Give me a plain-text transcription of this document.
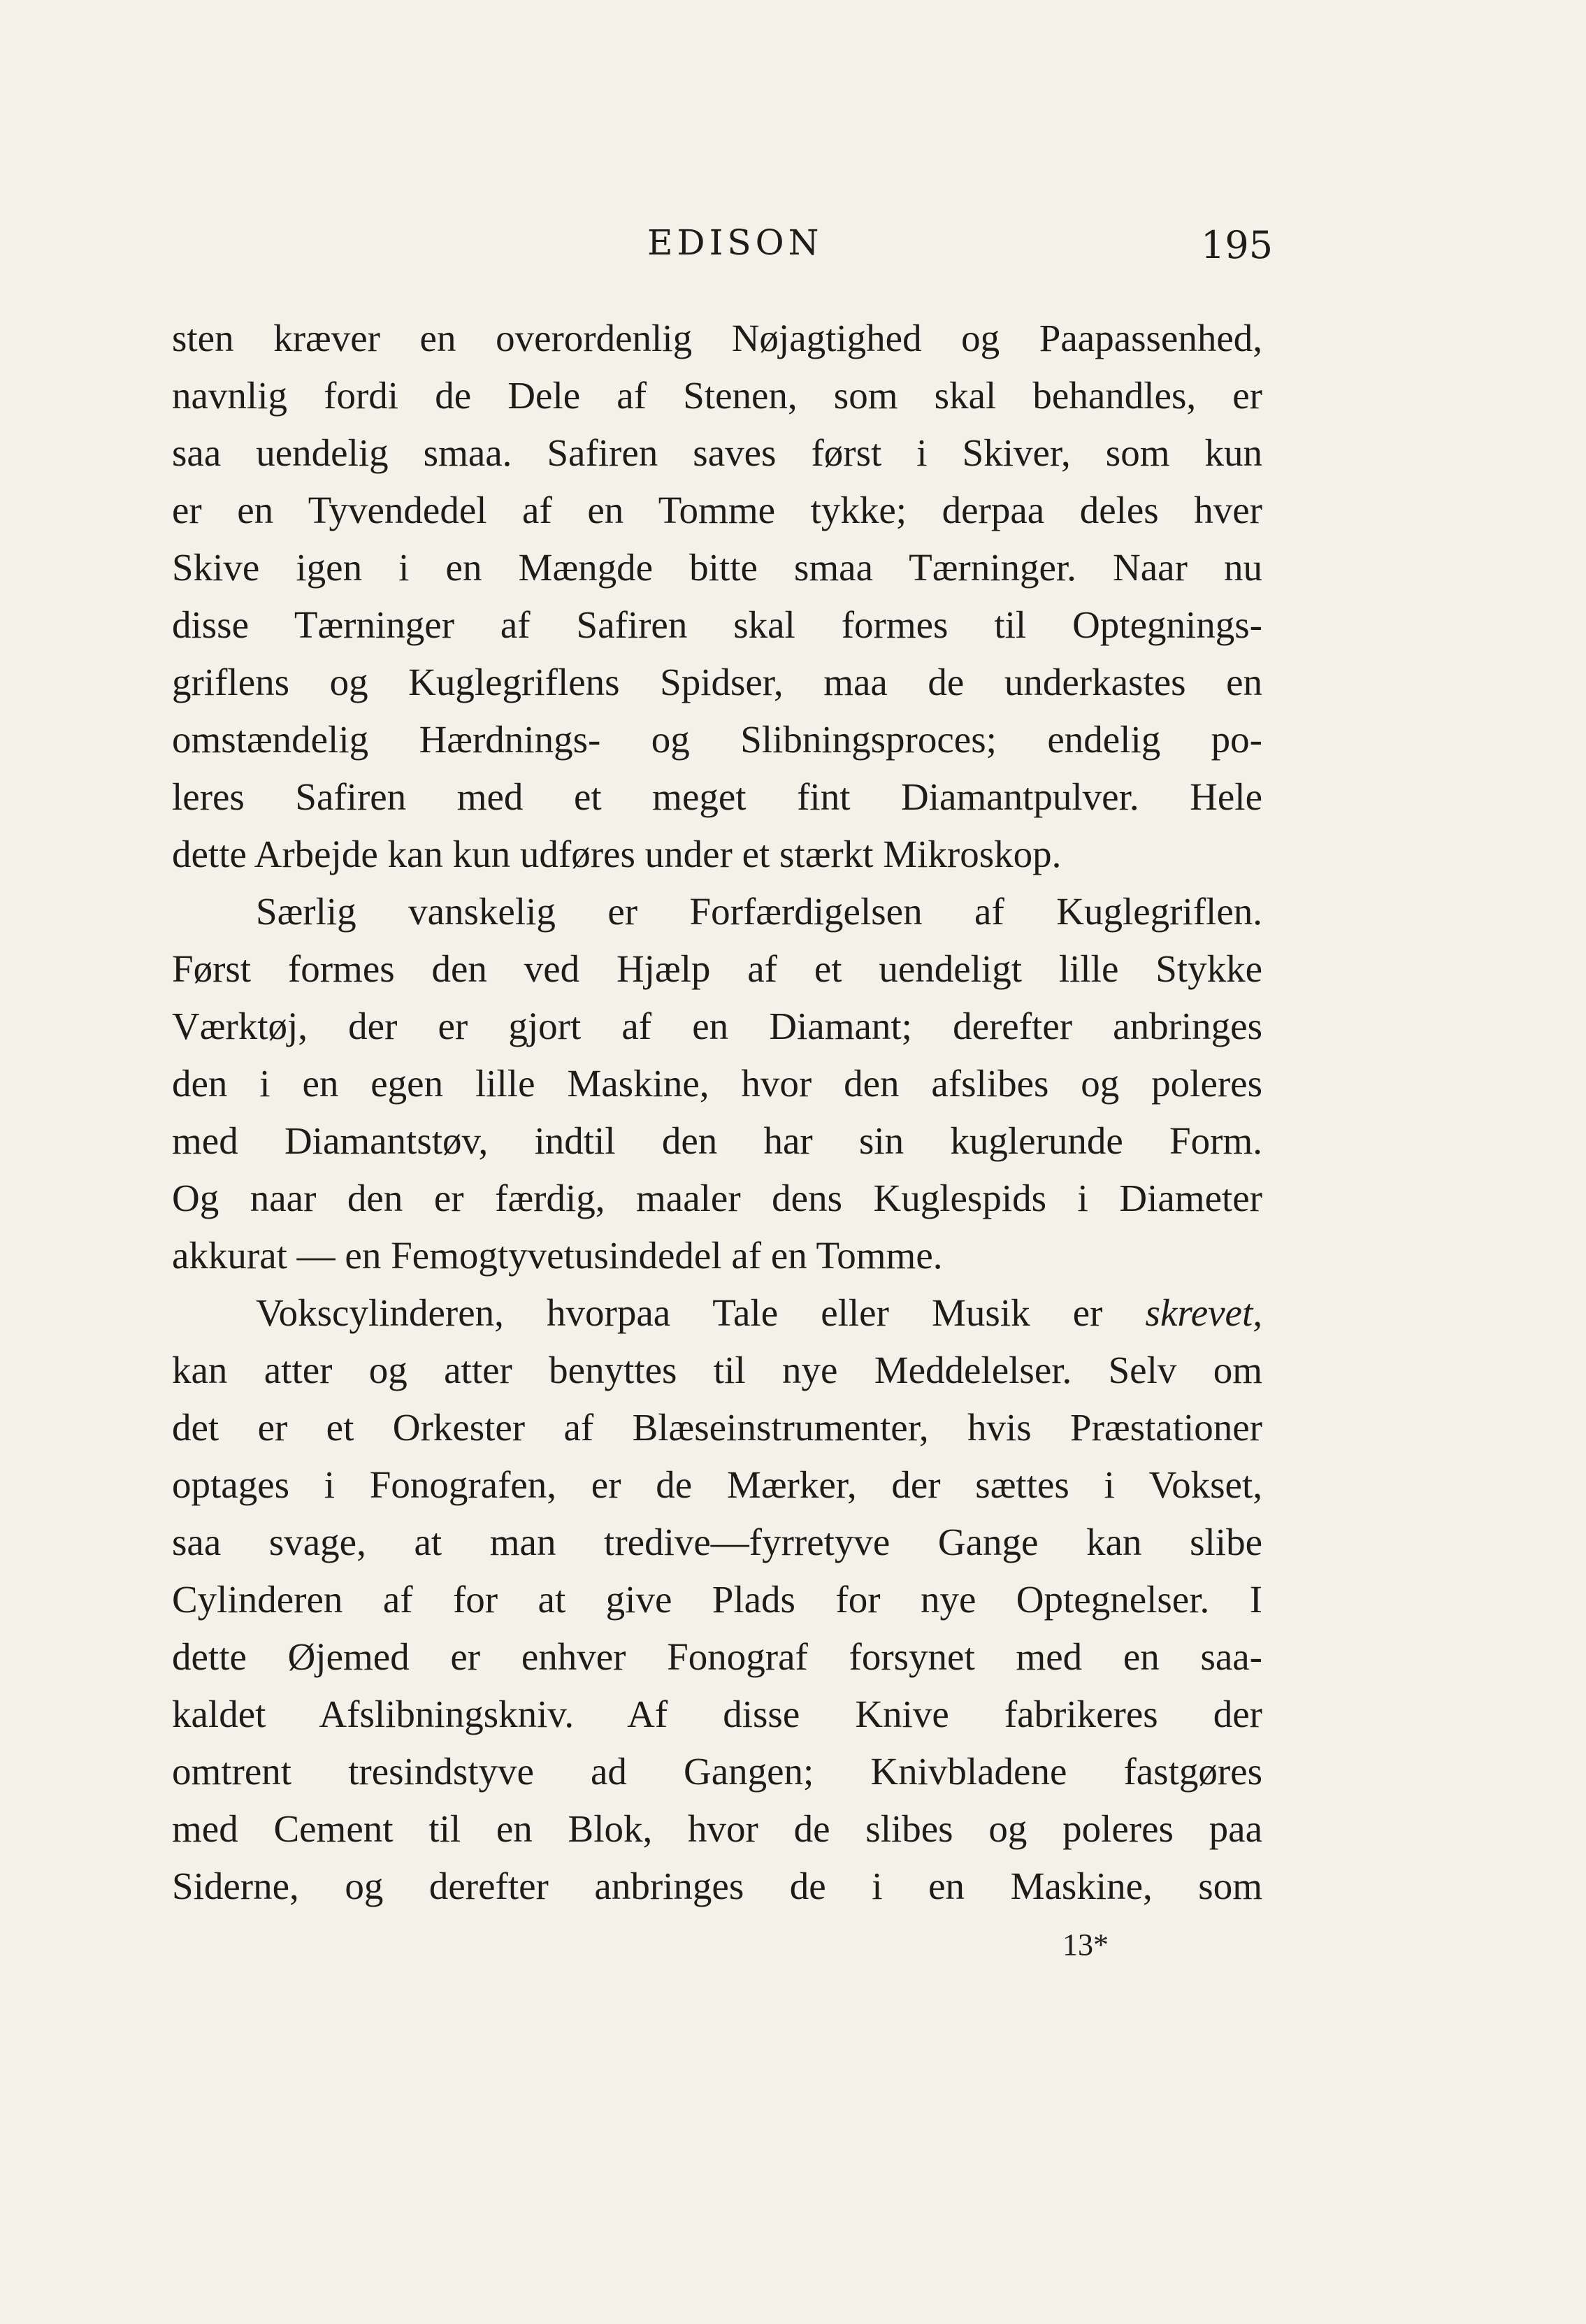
EDISON	195
sten kræver en overordenlig Nøjagtighed og Paapassenhed,
navnlig fordi de Dele af Stenen, som skal behandles, er
saa uendelig smaa. Safiren saves først i Skiver, som kun
er en Tyvendedel af en Tomme tykke; derpaa deles hver
Skive igen i en Mængde bitte smaa Tærninger. Naar nu
disse Tærninger af Safiren skal formes til Optegnings-
griflens og Kuglegriflens Spidser, maa de underkastes en
omstændelig Hærdnings- og Slibningsproces; endelig po-
leres Safiren med et meget fint Diamantpulver. Hele
dette Arbejde kan kun udføres under et stærkt Mikroskop.
Særlig vanskelig er Forfærdigelsen af Kuglegriflen.
Først formes den ved Hjælp af et uendeligt lille Stykke
Værktøj, der er gjort af en Diamant; derefter anbringes
den i en egen lille Maskine, hvor den afslibes og poleres
med Diamantstøv, indtil den har sin kuglerunde Form.
Og naar den er færdig, maaler dens Kuglespids i Diameter
akkurat — en Femogtyvetusindedel af en Tomme.
Vokscylinderen, hvorpaa Tale eller Musik er skrevet,
kan atter og atter benyttes til nye Meddelelser. Selv om
det er et Orkester af Blæseinstrumenter, hvis Præstationer
optages i Fonografen, er de Mærker, der sættes i Vokset,
saa svage, at man tredive—fyrretyve Gange kan slibe
Cylinderen af for at give Plads for nye Optegnelser. I
dette Øjemed er enhver Fonograf forsynet med en saa-
kaldet Afslibningskniv. Af disse Knive fabrikeres der
omtrent tresindstyve ad Gangen; Knivbladene fastgøres
med Cement til en Blok, hvor de slibes og poleres paa
Siderne, og derefter anbringes de i en Maskine, som
13*
